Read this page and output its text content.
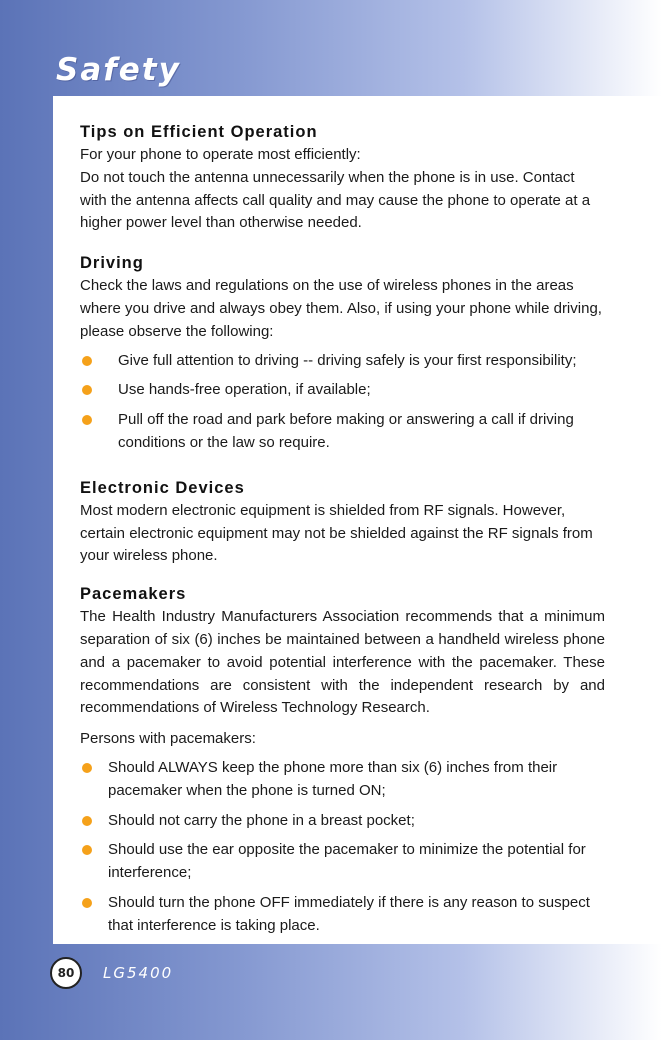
Safety
Tips on Efficient Operation

For your phone to operate most efficiently:

Do not touch the antenna unnecessarily when the phone is in use. Contact with the antenna affects call quality and may cause the phone to operate at a higher power level than otherwise needed.

Driving

Check the laws and regulations on the use of wireless phones in the areas where you drive and always obey them. Also, if using your phone while driving, please observe the following:

Give full attention to driving -- driving safely is your first responsibility;
Use hands-free operation, if available;
Pull off the road and park before making or answering a call if driving conditions or the law so require.
Electronic Devices

Most modern electronic equipment is shielded from RF signals. However, certain electronic equipment may not be shielded against the RF signals from your wireless phone.

Pacemakers

The Health Industry Manufacturers Association recommends that a minimum separation of six (6) inches be maintained between a handheld wireless phone and a pacemaker to avoid potential interference with the pacemaker. These recommendations are consistent with the independent research by and recommendations of Wireless Technology Research.

Persons with pacemakers:

Should ALWAYS keep the phone more than six (6) inches from their pacemaker when the phone is turned ON;
Should not carry the phone in a breast pocket;
Should use the ear opposite the pacemaker to minimize the potential for interference;
Should turn the phone OFF immediately if there is any reason to suspect that interference is taking place.
80	LG5400
